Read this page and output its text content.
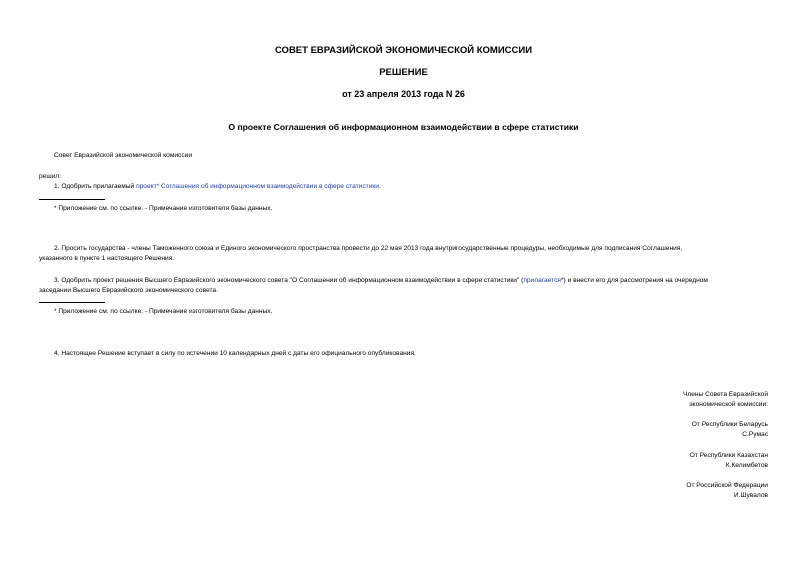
СОВЕТ ЕВРАЗИЙСКОЙ ЭКОНОМИЧЕСКОЙ КОМИССИИ
РЕШЕНИЕ
от 23 апреля 2013 года N 26
О проекте Соглашения об информационном взаимодействии в сфере статистики
Совет Евразийской экономической комиссии
решил:
1. Одобрить прилагаемый проект* Соглашения об информационном взаимодействии в сфере статистики.
* Приложение см. по ссылке. - Примечание изготовителя базы данных.
2. Просить государства - члены Таможенного союза и Единого экономического пространства провести до 22 мая 2013 года внутригосударственные процедуры, необходимые для подписания Соглашения,
указанного в пункте 1 настоящего Решения.
3. Одобрить проект решения Высшего Евразийского экономического совета "О Соглашении об информационном взаимодействии в сфере статистики" (прилагается*) и внести его для рассмотрения на очередном
заседании Высшего Евразийского экономического совета.
* Приложение см. по ссылке. - Примечание изготовителя базы данных.
4. Настоящее Решение вступает в силу по истечении 10 календарных дней с даты его официального опубликования.
Члены Совета Евразийской
экономической комиссии:
От Республики Беларусь
С.Румас
От Республики Казахстан
К.Келимбетов
От Российской Федерации
И.Шувалов
